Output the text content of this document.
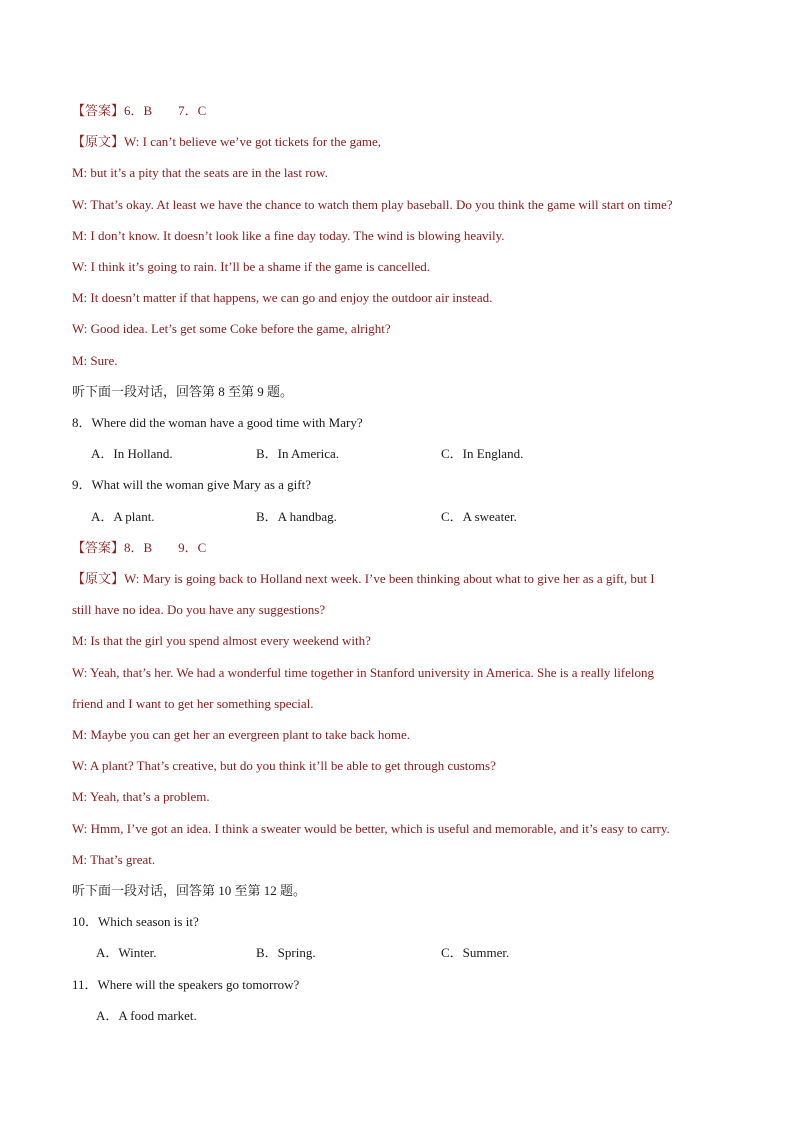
【答案】6．B　　7．C
【原文】W: I can’t believe we’ve got tickets for the game,
M: but it’s a pity that the seats are in the last row.
W: That’s okay. At least we have the chance to watch them play baseball. Do you think the game will start on time?
M: I don’t know. It doesn’t look like a fine day today. The wind is blowing heavily.
W: I think it’s going to rain. It’ll be a shame if the game is cancelled.
M: It doesn’t matter if that happens, we can go and enjoy the outdoor air instead.
W: Good idea. Let’s get some Coke before the game, alright?
M: Sure.
听下面一段对话，回答第 8 至第 9 题。
8．Where did the woman have a good time with Mary?
A．In Holland.	B．In America.	C．In England.
9．What will the woman give Mary as a gift?
A．A plant.	B．A handbag.	C．A sweater.
【答案】8．B　　9．C
【原文】W: Mary is going back to Holland next week. I’ve been thinking about what to give her as a gift, but I
still have no idea. Do you have any suggestions?
M: Is that the girl you spend almost every weekend with?
W: Yeah, that’s her. We had a wonderful time together in Stanford university in America. She is a really lifelong
friend and I want to get her something special.
M: Maybe you can get her an evergreen plant to take back home.
W: A plant? That’s creative, but do you think it’ll be able to get through customs?
M: Yeah, that’s a problem.
W: Hmm, I’ve got an idea. I think a sweater would be better, which is useful and memorable, and it’s easy to carry.
M: That’s great.
听下面一段对话，回答第 10 至第 12 题。
10．Which season is it?
A．Winter.	B．Spring.	C．Summer.
11．Where will the speakers go tomorrow?
A．A food market.
